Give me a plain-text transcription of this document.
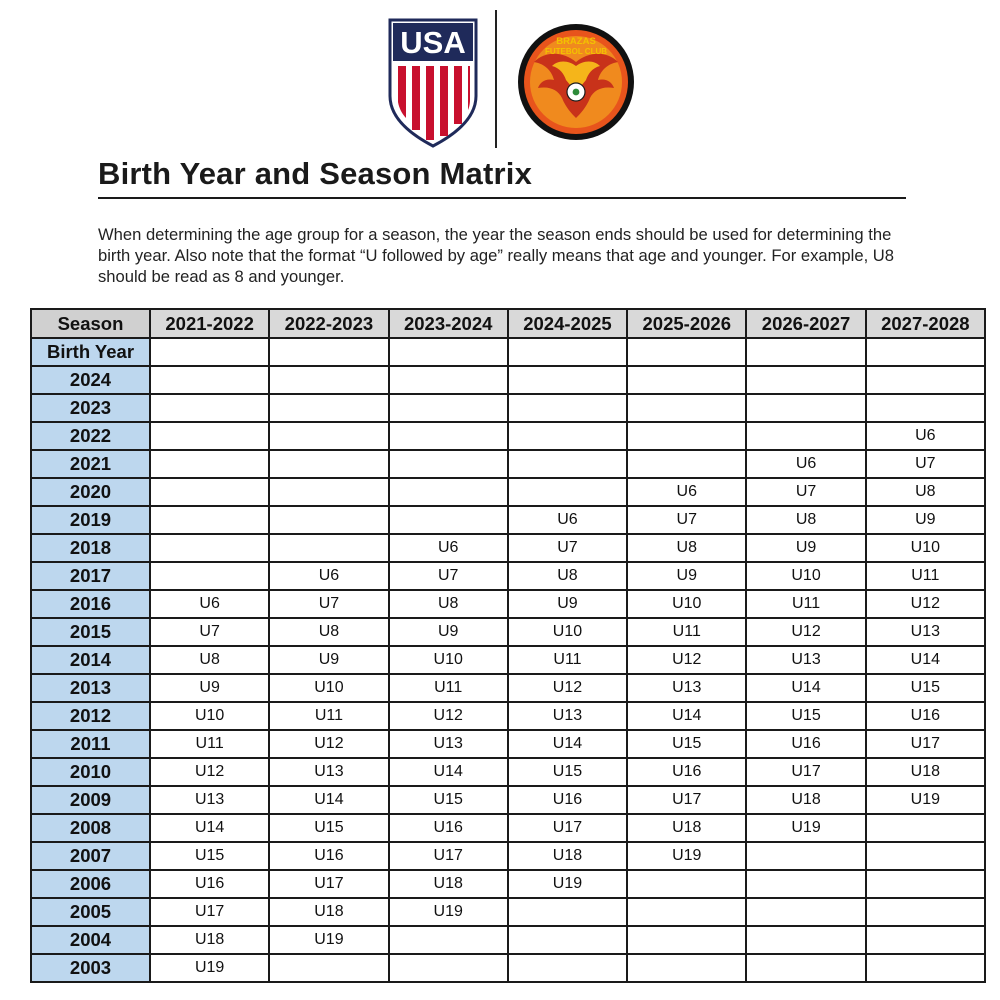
USA	BRAZAS
FUTEBOL CLUB
Birth Year and Season Matrix

When determining the age group for a season, the year the season ends should be used for determining the birth year. Also note that the format “U followed by age” really means that age and younger. For example, U8 should be read as 8 and younger.

Season	2021-2022	2022-2023	2023-2024	2024-2025	2025-2026	2026-2027	2027-2028
Birth Year							
2024							
2023							
2022							U6
2021						U6	U7
2020					U6	U7	U8
2019				U6	U7	U8	U9
2018			U6	U7	U8	U9	U10
2017		U6	U7	U8	U9	U10	U11
2016	U6	U7	U8	U9	U10	U11	U12
2015	U7	U8	U9	U10	U11	U12	U13
2014	U8	U9	U10	U11	U12	U13	U14
2013	U9	U10	U11	U12	U13	U14	U15
2012	U10	U11	U12	U13	U14	U15	U16
2011	U11	U12	U13	U14	U15	U16	U17
2010	U12	U13	U14	U15	U16	U17	U18
2009	U13	U14	U15	U16	U17	U18	U19
2008	U14	U15	U16	U17	U18	U19	
2007	U15	U16	U17	U18	U19		
2006	U16	U17	U18	U19			
2005	U17	U18	U19				
2004	U18	U19					
2003	U19						
